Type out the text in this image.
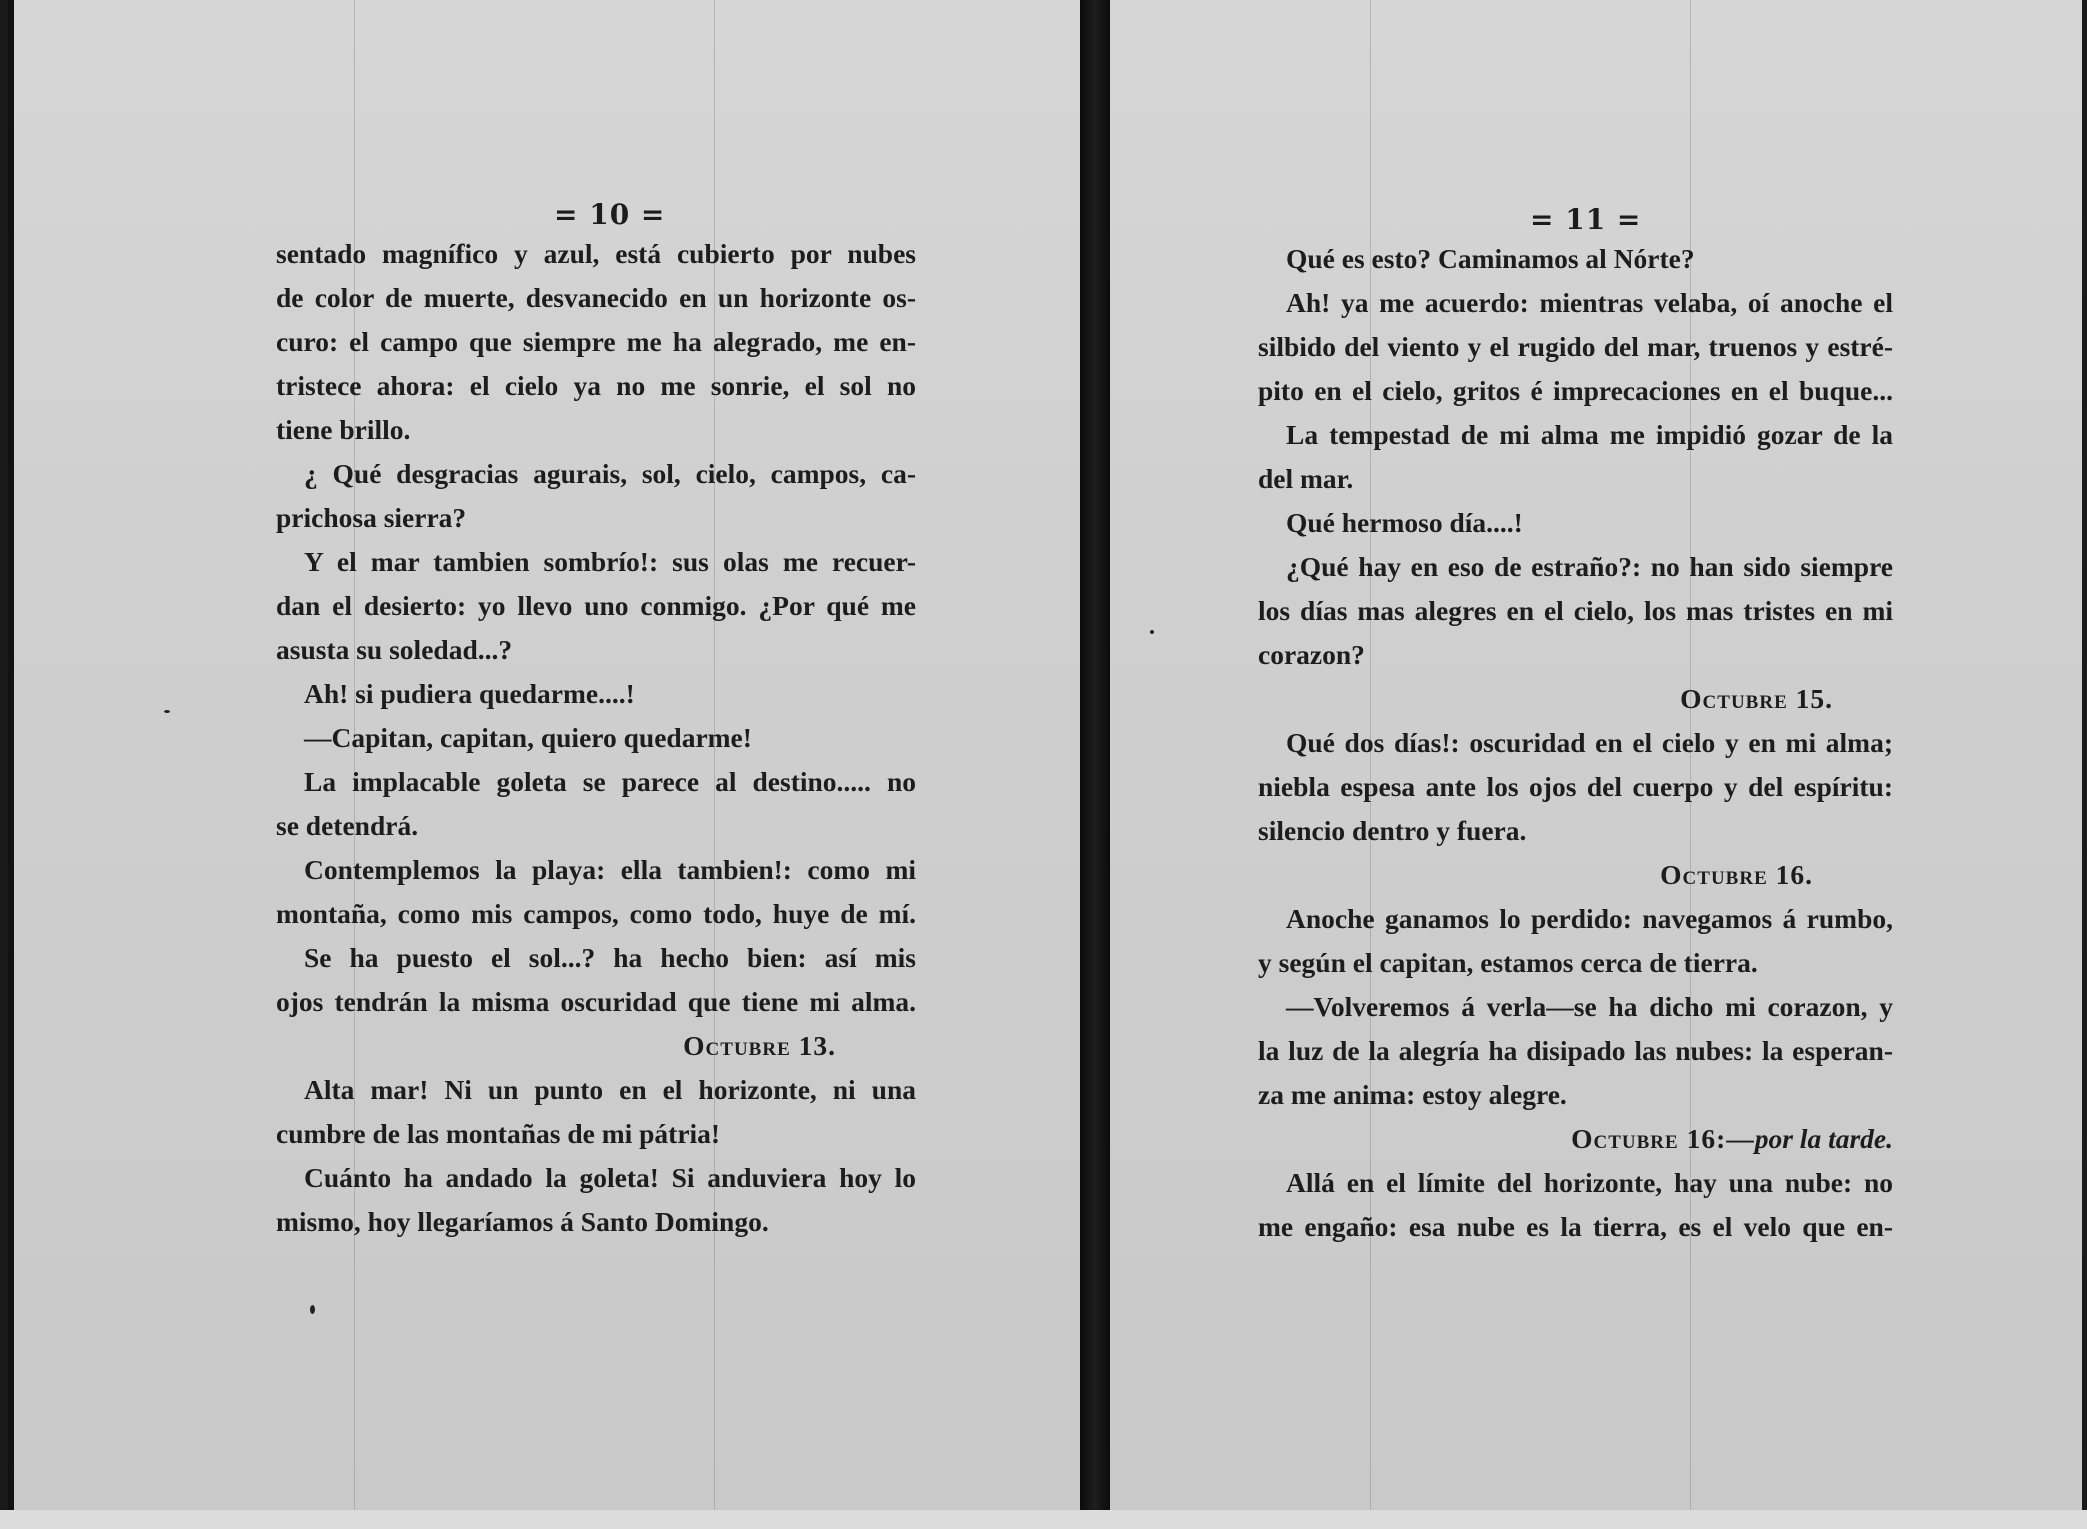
= 10 =
sentado magnífico y azul, está cubierto por nubes
de color de muerte, desvanecido en un horizonte os-
curo: el campo que siempre me ha alegrado, me en-
tristece ahora: el cielo ya no me sonrie, el sol no
tiene brillo.
¿ Qué desgracias agurais, sol, cielo, campos, ca-
prichosa sierra?
Y el mar tambien sombrío!: sus olas me recuer-
dan el desierto: yo llevo uno conmigo. ¿Por qué me
asusta su soledad...?
Ah! si pudiera quedarme....!
—Capitan, capitan, quiero quedarme!
La implacable goleta se parece al destino..... no
se detendrá.
Contemplemos la playa: ella tambien!: como mi
montaña, como mis campos, como todo, huye de mí.
Se ha puesto el sol...? ha hecho bien: así mis
ojos tendrán la misma oscuridad que tiene mi alma.
Octubre 13.
Alta mar! Ni un punto en el horizonte, ni una
cumbre de las montañas de mi pátria!
Cuánto ha andado la goleta! Si anduviera hoy lo
mismo, hoy llegaríamos á Santo Domingo.
= 11 =
Qué es esto? Caminamos al Nórte?
Ah! ya me acuerdo: mientras velaba, oí anoche el
silbido del viento y el rugido del mar, truenos y estré-
pito en el cielo, gritos é imprecaciones en el buque...
La tempestad de mi alma me impidió gozar de la
del mar.
Qué hermoso día....!
¿Qué hay en eso de estraño?: no han sido siempre
los días mas alegres en el cielo, los mas tristes en mi
corazon?
Octubre 15.
Qué dos días!: oscuridad en el cielo y en mi alma;
niebla espesa ante los ojos del cuerpo y del espíritu:
silencio dentro y fuera.
Octubre 16.
Anoche ganamos lo perdido: navegamos á rumbo,
y según el capitan, estamos cerca de tierra.
—Volveremos á verla—se ha dicho mi corazon, y
la luz de la alegría ha disipado las nubes: la esperan-
za me anima: estoy alegre.
Octubre 16:—por la tarde.
Allá en el límite del horizonte, hay una nube: no
me engaño: esa nube es la tierra, es el velo que en-
